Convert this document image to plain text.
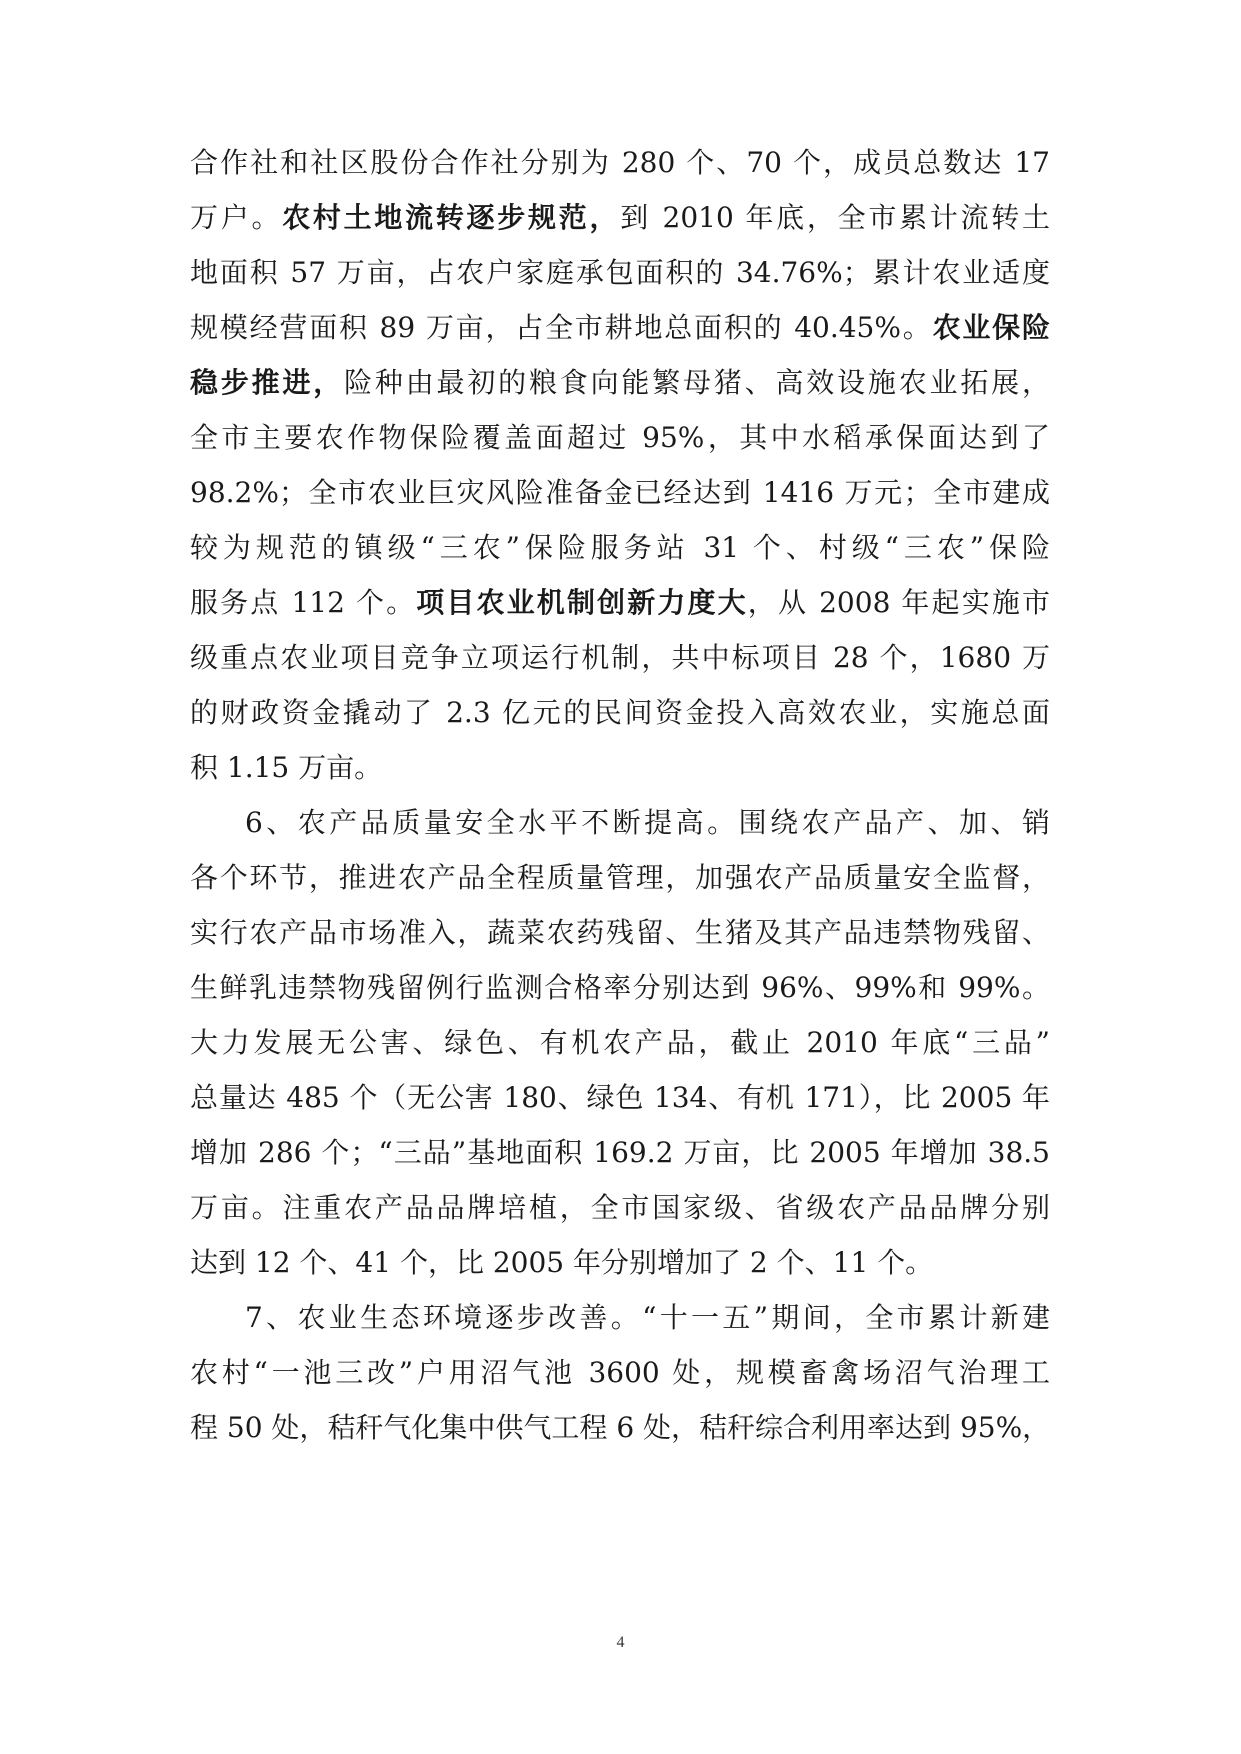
合作社和社区股份合作社分别为 280 个、70 个，成员总数达 17
万户。农村土地流转逐步规范，到 2010 年底，全市累计流转土
地面积 57 万亩，占农户家庭承包面积的 34.76%；累计农业适度
规模经营面积 89 万亩，占全市耕地总面积的 40.45%。农业保险
稳步推进，险种由最初的粮食向能繁母猪、高效设施农业拓展，
全市主要农作物保险覆盖面超过 95%，其中水稻承保面达到了
98.2%；全市农业巨灾风险准备金已经达到 1416 万元；全市建成
较为规范的镇级“三农”保险服务站 31 个、村级“三农”保险
服务点 112 个。项目农业机制创新力度大，从 2008 年起实施市
级重点农业项目竞争立项运行机制，共中标项目 28 个，1680 万
的财政资金撬动了 2.3 亿元的民间资金投入高效农业，实施总面
积 1.15 万亩。
6、农产品质量安全水平不断提高。围绕农产品产、加、销
各个环节，推进农产品全程质量管理，加强农产品质量安全监督，
实行农产品市场准入，蔬菜农药残留、生猪及其产品违禁物残留、
生鲜乳违禁物残留例行监测合格率分别达到 96%、99%和 99%。
大力发展无公害、绿色、有机农产品，截止 2010 年底“三品”
总量达 485 个（无公害 180、绿色 134、有机 171），比 2005 年
增加 286 个；“三品”基地面积 169.2 万亩，比 2005 年增加 38.5
万亩。注重农产品品牌培植，全市国家级、省级农产品品牌分别
达到 12 个、41 个，比 2005 年分别增加了 2 个、11 个。
7、农业生态环境逐步改善。“十一五”期间，全市累计新建
农村“一池三改”户用沼气池 3600 处，规模畜禽场沼气治理工
程 50 处，秸秆气化集中供气工程 6 处，秸秆综合利用率达到 95%，
4
